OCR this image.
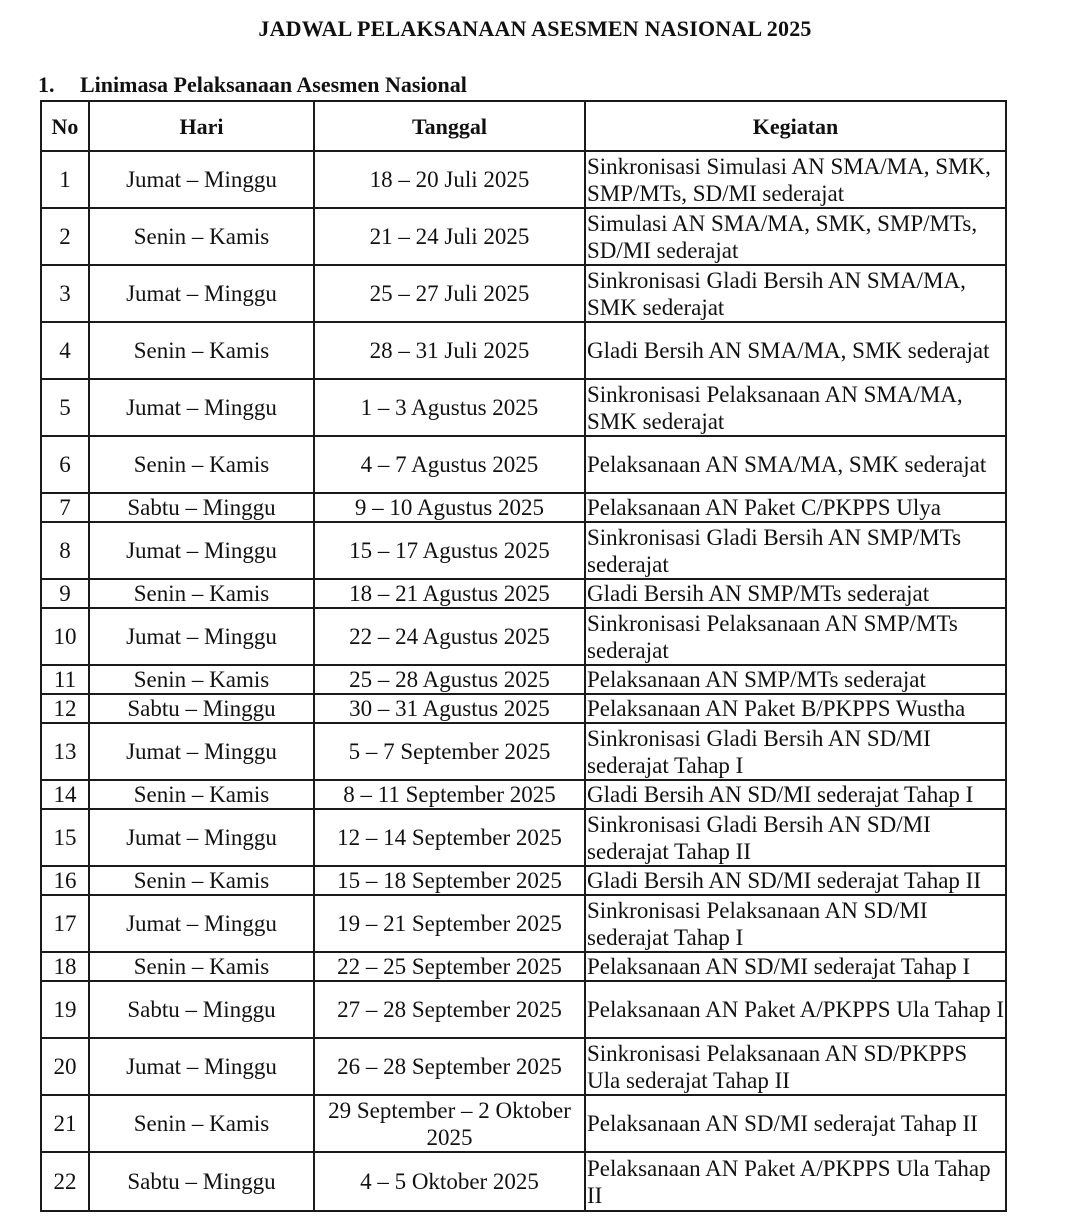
JADWAL PELAKSANAAN ASESMEN NASIONAL 2025
1. Linimasa Pelaksanaan Asesmen Nasional
No	Hari	Tanggal	Kegiatan
1	Jumat – Minggu	18 – 20 Juli 2025	Sinkronisasi Simulasi AN SMA/MA, SMK, SMP/MTs, SD/MI sederajat
2	Senin – Kamis	21 – 24 Juli 2025	Simulasi AN SMA/MA, SMK, SMP/MTs, SD/MI sederajat
3	Jumat – Minggu	25 – 27 Juli 2025	Sinkronisasi Gladi Bersih AN SMA/MA, SMK sederajat
4	Senin – Kamis	28 – 31 Juli 2025	Gladi Bersih AN SMA/MA, SMK sederajat
5	Jumat – Minggu	1 – 3 Agustus 2025	Sinkronisasi Pelaksanaan AN SMA/MA, SMK sederajat
6	Senin – Kamis	4 – 7 Agustus 2025	Pelaksanaan AN SMA/MA, SMK sederajat
7	Sabtu – Minggu	9 – 10 Agustus 2025	Pelaksanaan AN Paket C/PKPPS Ulya
8	Jumat – Minggu	15 – 17 Agustus 2025	Sinkronisasi Gladi Bersih AN SMP/MTs sederajat
9	Senin – Kamis	18 – 21 Agustus 2025	Gladi Bersih AN SMP/MTs sederajat
10	Jumat – Minggu	22 – 24 Agustus 2025	Sinkronisasi Pelaksanaan AN SMP/MTs sederajat
11	Senin – Kamis	25 – 28 Agustus 2025	Pelaksanaan AN SMP/MTs sederajat
12	Sabtu – Minggu	30 – 31 Agustus 2025	Pelaksanaan AN Paket B/PKPPS Wustha
13	Jumat – Minggu	5 – 7 September 2025	Sinkronisasi Gladi Bersih AN SD/MI sederajat Tahap I
14	Senin – Kamis	8 – 11 September 2025	Gladi Bersih AN SD/MI sederajat Tahap I
15	Jumat – Minggu	12 – 14 September 2025	Sinkronisasi Gladi Bersih AN SD/MI sederajat Tahap II
16	Senin – Kamis	15 – 18 September 2025	Gladi Bersih AN SD/MI sederajat Tahap II
17	Jumat – Minggu	19 – 21 September 2025	Sinkronisasi Pelaksanaan AN SD/MI sederajat Tahap I
18	Senin – Kamis	22 – 25 September 2025	Pelaksanaan AN SD/MI sederajat Tahap I
19	Sabtu – Minggu	27 – 28 September 2025	Pelaksanaan AN Paket A/PKPPS Ula Tahap I
20	Jumat – Minggu	26 – 28 September 2025	Sinkronisasi Pelaksanaan AN SD/PKPPS Ula sederajat Tahap II
21	Senin – Kamis	29 September – 2 Oktober 2025	Pelaksanaan AN SD/MI sederajat Tahap II
22	Sabtu – Minggu	4 – 5 Oktober 2025	Pelaksanaan AN Paket A/PKPPS Ula Tahap II
